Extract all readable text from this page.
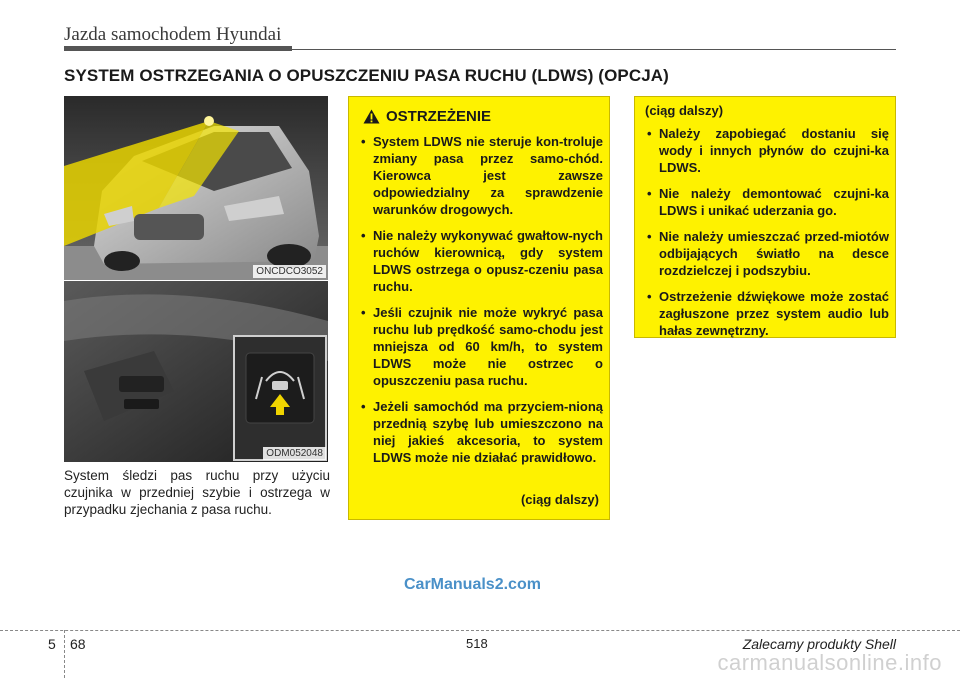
Jazda samochodem Hyundai
SYSTEM OSTRZEGANIA O OPUSZCZENIU PASA RUCHU (LDWS) (OPCJA)
ONCDCO3052
ODM052048
System śledzi pas ruchu przy użyciu czujnika w przedniej szybie i ostrzega w przypadku zjechania z pasa ruchu.
OSTRZEŻENIE
• System LDWS nie steruje kon-troluje zmiany pasa przez samo-chód. Kierowca jest zawsze odpowiedzialny za sprawdzenie warunków drogowych.
• Nie należy wykonywać gwałtow-nych ruchów kierownicą, gdy system LDWS ostrzega o opusz-czeniu pasa ruchu.
• Jeśli czujnik nie może wykryć pasa ruchu lub prędkość samo-chodu jest mniejsza od 60 km/h, to system LDWS może nie ostrzec o opuszczeniu pasa ruchu.
• Jeżeli samochód ma przyciem-nioną przednią szybę lub umieszczono na niej jakieś akcesoria, to system LDWS może nie działać prawidłowo.
(ciąg dalszy)
(ciąg dalszy)
• Należy zapobiegać dostaniu się wody i innych płynów do czujni-ka LDWS.
• Nie należy demontować czujni-ka LDWS i unikać uderzania go.
• Nie należy umieszczać przed-miotów odbijających światło na desce rozdzielczej i podszybiu.
• Ostrzeżenie dźwiękowe może zostać zagłuszone przez system audio lub hałas zewnętrzny.
CarManuals2.com
5 68	518	Zalecamy produkty Shell
carmanualsonline.info
